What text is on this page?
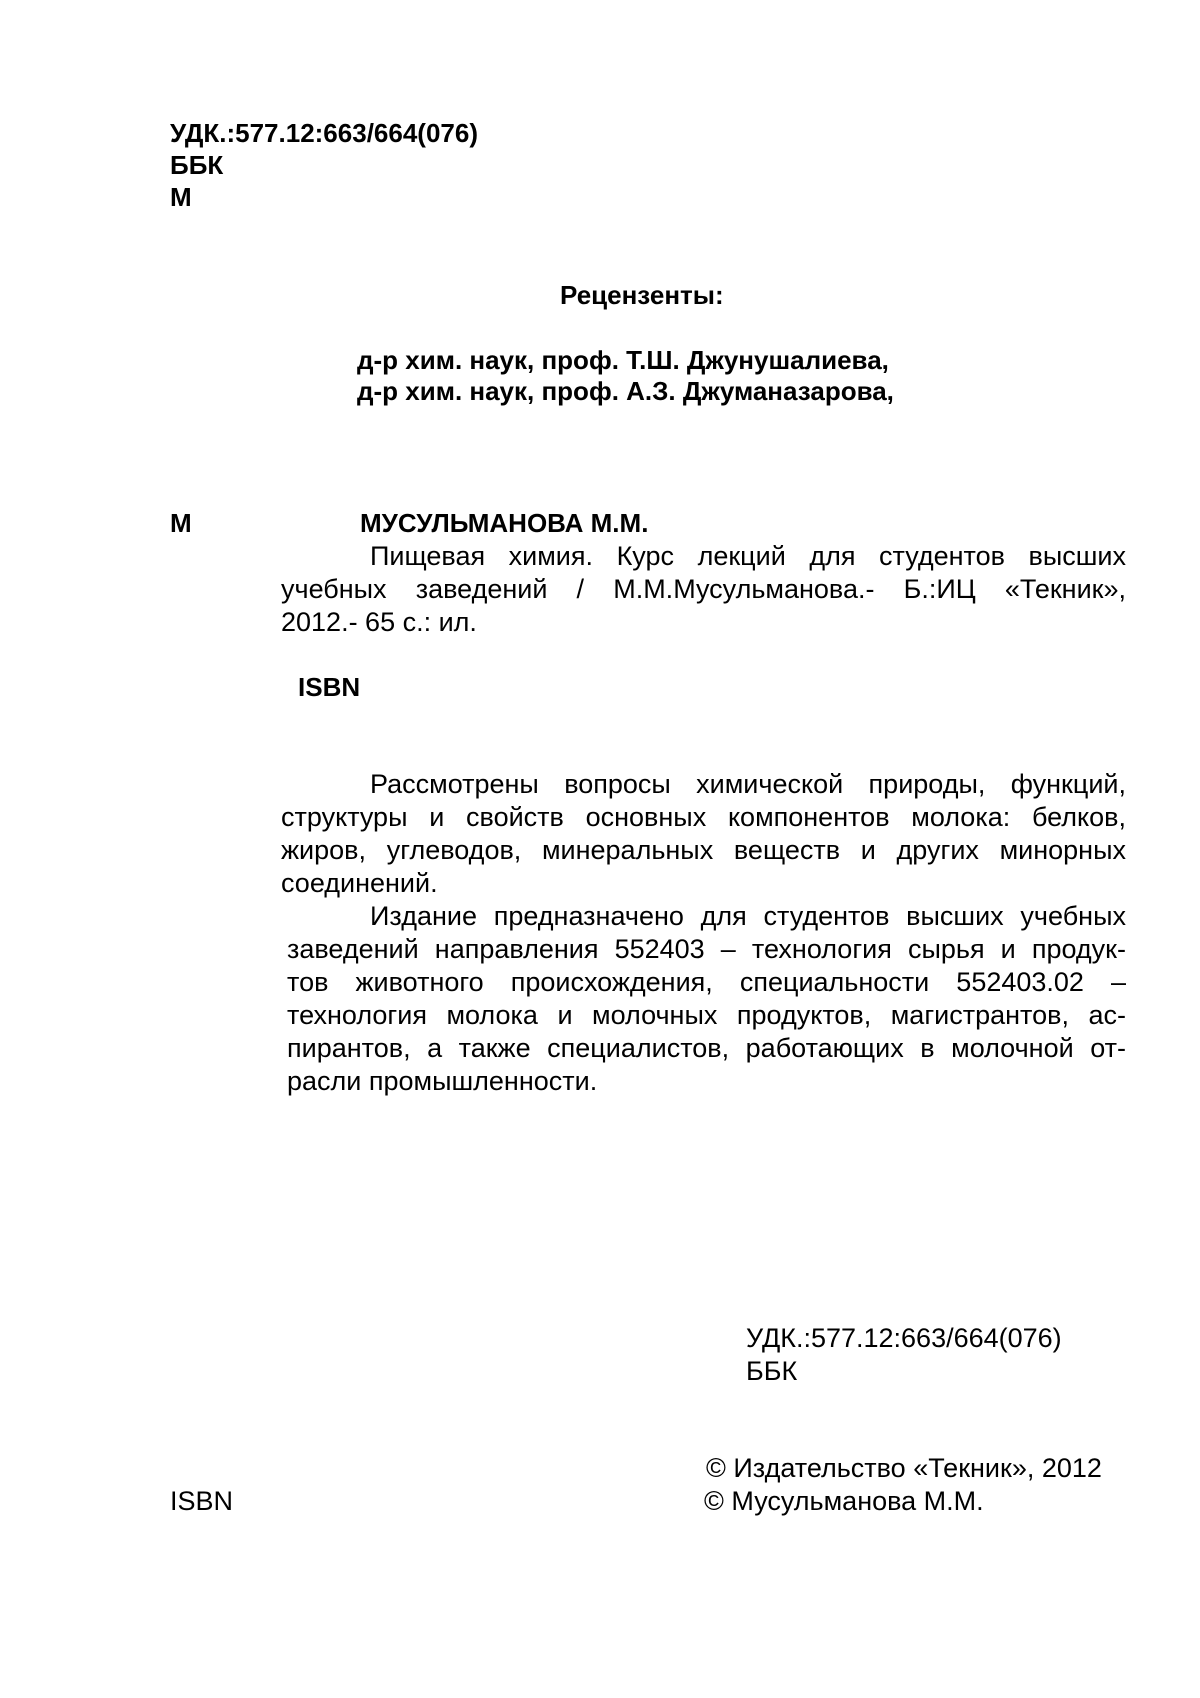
УДК.:577.12:663/664(076)
ББК
М
Рецензенты:
д-р хим. наук, проф. Т.Ш. Джунушалиева,
д-р хим. наук, проф. А.З. Джуманазарова,
М	МУСУЛЬМАНОВА М.М.
Пищевая химия. Курс лекций для студентов высших
учебных заведений / М.М.Мусульманова.- Б.:ИЦ «Текник»,
2012.- 65 с.: ил.
ISBN
Рассмотрены вопросы химической природы, функций,
структуры и свойств основных компонентов молока: белков,
жиров, углеводов, минеральных веществ и других минорных
соединений.
Издание предназначено для студентов высших учебных
заведений направления 552403 – технология сырья и продук-
тов животного происхождения, специальности 552403.02 –
технология молока и молочных продуктов, магистрантов, ас-
пирантов, а также специалистов, работающих в молочной от-
расли промышленности.
УДК.:577.12:663/664(076)
ББК
© Издательство «Текник», 2012
ISBN	© Мусульманова М.М.
